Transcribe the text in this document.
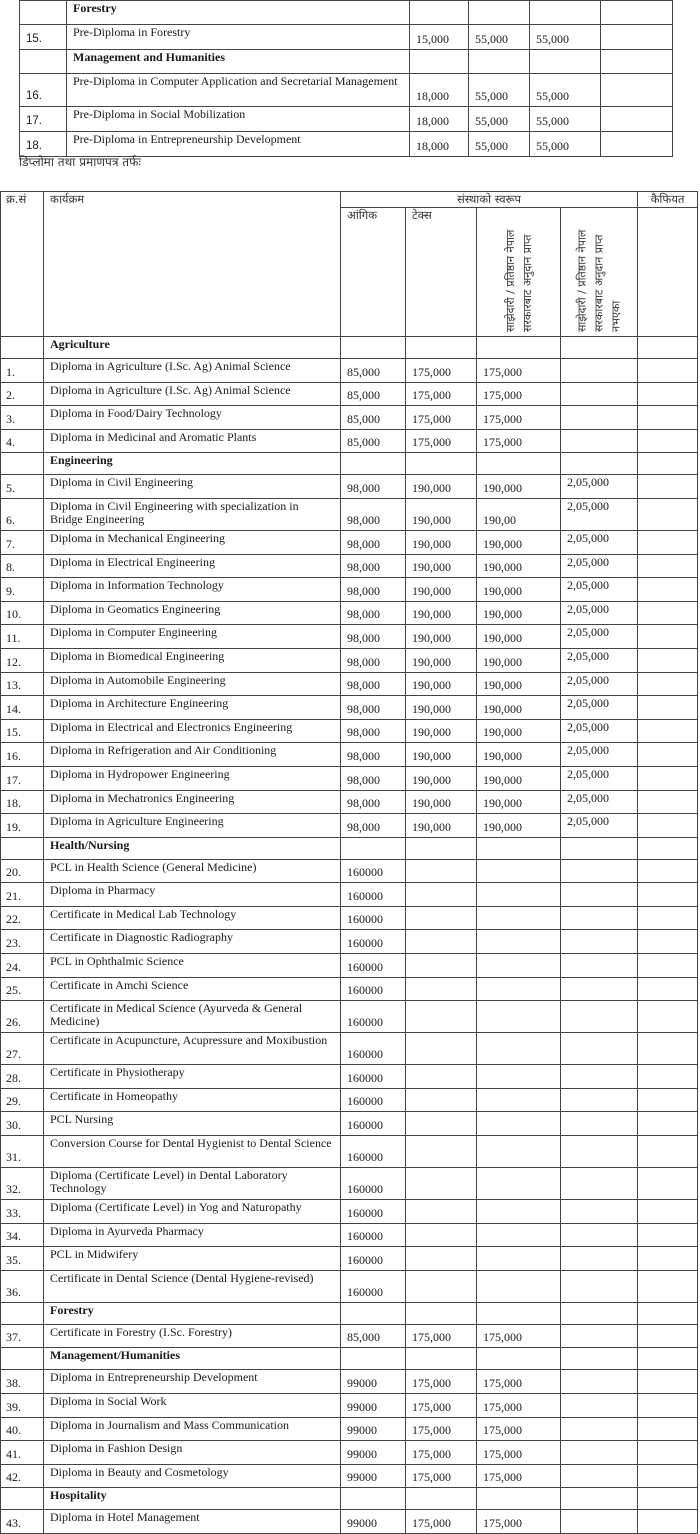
	Forestry				
15.	Pre-Diploma in Forestry	15,000	55,000	55,000	
	Management and Humanities				
16.	Pre-Diploma in Computer Application and Secretarial Management	18,000	55,000	55,000	
17.	Pre-Diploma in Social Mobilization	18,000	55,000	55,000	
18.	Pre-Diploma in Entrepreneurship Development	18,000	55,000	55,000	
डिप्लोमा तथा प्रमाणपत्र तर्फः
क्र.सं	कार्यक्रम	संस्थाको स्वरूप				कैफियत
		आंगिक	टेक्स	साझेदारी / प्रतिष्ठान नेपाल सरकारबाट अनुदान प्राप्त	साझेदारी / प्रतिष्ठान नेपाल सरकारबाट अनुदान प्राप्त नभएका	

	Agriculture					
1.	Diploma in Agriculture (I.Sc. Ag) Animal Science	85,000	175,000	175,000		
2.	Diploma in Agriculture (I.Sc. Ag) Animal Science	85,000	175,000	175,000		
3.	Diploma in Food/Dairy Technology	85,000	175,000	175,000		
4.	Diploma in Medicinal and Aromatic Plants	85,000	175,000	175,000		
	Engineering					
5.	Diploma in Civil Engineering	98,000	190,000	190,000	2,05,000	
6.	Diploma in Civil Engineering with specialization in Bridge Engineering	98,000	190,000	190,00	2,05,000	
7.	Diploma in Mechanical Engineering	98,000	190,000	190,000	2,05,000	
8.	Diploma in Electrical Engineering	98,000	190,000	190,000	2,05,000	
9.	Diploma in Information Technology	98,000	190,000	190,000	2,05,000	
10.	Diploma in Geomatics Engineering	98,000	190,000	190,000	2,05,000	
11.	Diploma in Computer Engineering	98,000	190,000	190,000	2,05,000	
12.	Diploma in Biomedical Engineering	98,000	190,000	190,000	2,05,000	
13.	Diploma in Automobile Engineering	98,000	190,000	190,000	2,05,000	
14.	Diploma in Architecture Engineering	98,000	190,000	190,000	2,05,000	
15.	Diploma in Electrical and Electronics Engineering	98,000	190,000	190,000	2,05,000	
16.	Diploma in Refrigeration and Air Conditioning	98,000	190,000	190,000	2,05,000	
17.	Diploma in Hydropower Engineering	98,000	190,000	190,000	2,05,000	
18.	Diploma in Mechatronics Engineering	98,000	190,000	190,000	2,05,000	
19.	Diploma in Agriculture Engineering	98,000	190,000	190,000	2,05,000	
	Health/Nursing					
20.	PCL in Health Science (General Medicine)	160000				
21.	Diploma in Pharmacy	160000				
22.	Certificate in Medical Lab Technology	160000				
23.	Certificate in Diagnostic Radiography	160000				
24.	PCL in Ophthalmic Science	160000				
25.	Certificate in Amchi Science	160000				
26.	Certificate in Medical Science (Ayurveda & General Medicine)	160000				
27.	Certificate in Acupuncture, Acupressure and Moxibustion	160000				
28.	Certificate in Physiotherapy	160000				
29.	Certificate in Homeopathy	160000				
30.	PCL Nursing	160000				
31.	Conversion Course for Dental Hygienist to Dental Science	160000				
32.	Diploma (Certificate Level) in Dental Laboratory Technology	160000				
33.	Diploma (Certificate Level) in Yog and Naturopathy	160000				
34.	Diploma in Ayurveda Pharmacy	160000				
35.	PCL in Midwifery	160000				
36.	Certificate in Dental Science (Dental Hygiene-revised)	160000				
	Forestry					
37.	Certificate in Forestry (I.Sc. Forestry)	85,000	175,000	175,000		
	Management/Humanities					
38.	Diploma in Entrepreneurship Development	99000	175,000	175,000		
39.	Diploma in Social Work	99000	175,000	175,000		
40.	Diploma in Journalism and Mass Communication	99000	175,000	175,000		
41.	Diploma in Fashion Design	99000	175,000	175,000		
42.	Diploma in Beauty and Cosmetology	99000	175,000	175,000		
	Hospitality					
43.	Diploma in Hotel Management	99000	175,000	175,000		
